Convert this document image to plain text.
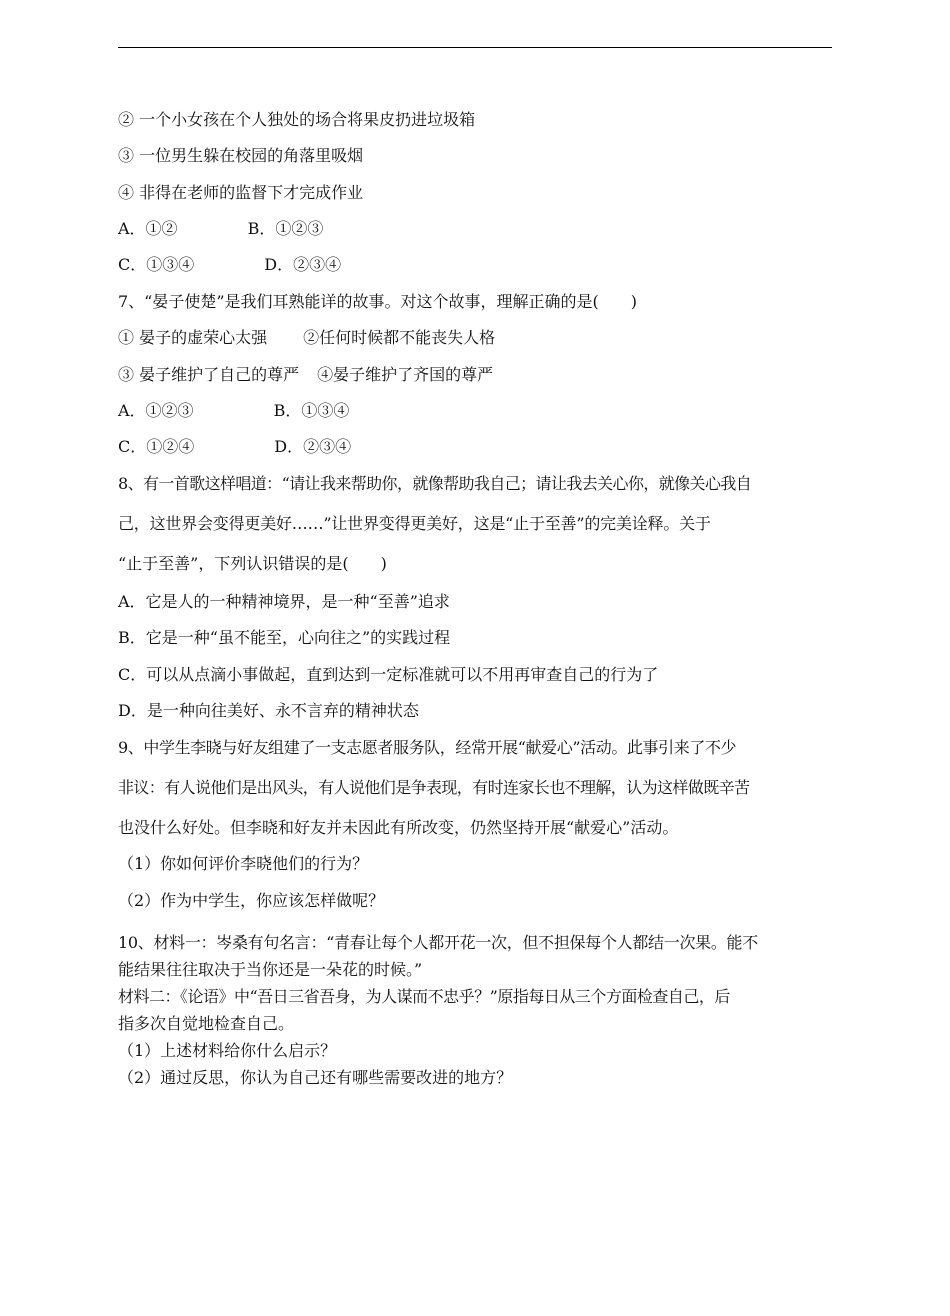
② 一个小女孩在个人独处的场合将果皮扔进垃圾箱
③ 一位男生躲在校园的角落里吸烟
④ 非得在老师的监督下才完成作业
A．①②	B．①②③
C．①③④	D．②③④
7、“晏子使楚”是我们耳熟能详的故事。对这个故事，理解正确的是(　　)
① 晏子的虚荣心太强 ②任何时候都不能丧失人格
③ 晏子维护了自己的尊严 ④晏子维护了齐国的尊严
A．①②③	B．①③④
C．①②④	D．②③④
8、有一首歌这样唱道：“请让我来帮助你，就像帮助我自己；请让我去关心你，就像关心我自
己，这世界会变得更美好……”让世界变得更美好，这是“止于至善”的完美诠释。关于
“止于至善”，下列认识错误的是(　　)
A．它是人的一种精神境界，是一种“至善”追求
B．它是一种“虽不能至，心向往之”的实践过程
C．可以从点滴小事做起，直到达到一定标准就可以不用再审查自己的行为了
D．是一种向往美好、永不言弃的精神状态
9、中学生李晓与好友组建了一支志愿者服务队，经常开展“献爱心”活动。此事引来了不少
非议：有人说他们是出风头，有人说他们是争表现，有时连家长也不理解，认为这样做既辛苦
也没什么好处。但李晓和好友并未因此有所改变，仍然坚持开展“献爱心”活动。
（1）你如何评价李晓他们的行为？
（2）作为中学生，你应该怎样做呢？
10、材料一：岑桑有句名言：“青春让每个人都开花一次，但不担保每个人都结一次果。能不
能结果往往取决于当你还是一朵花的时候。”
材料二：《论语》中“吾日三省吾身，为人谋而不忠乎？”原指每日从三个方面检查自己，后
指多次自觉地检查自己。
（1）上述材料给你什么启示？
（2）通过反思，你认为自己还有哪些需要改进的地方？
